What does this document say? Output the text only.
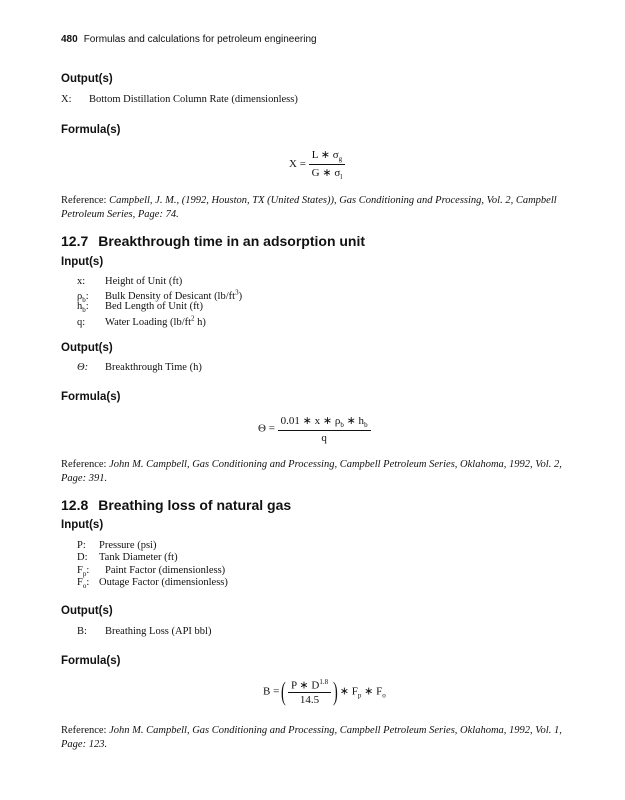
480 Formulas and calculations for petroleum engineering
Output(s)
X: Bottom Distillation Column Rate (dimensionless)
Formula(s)
$X = \frac{L ∗ \sigma_g}{G ∗ \sigma_l}$
Reference: Campbell, J. M., (1992, Houston, TX (United States)), Gas Conditioning and Processing, Vol. 2, Campbell Petroleum Series, Page: 74.
12.7 Breakthrough time in an adsorption unit
Input(s)
x: Height of Unit (ft)
$\rho_b$: Bulk Density of Desicant $(lb/ft^3)$
$h_b$: Bed Length of Unit (ft)
q: Water Loading ($lb/ft^2$ h)
Output(s)
Θ: Breakthrough Time (h)
Formula(s)
$\Theta = \frac{0.01 ∗ x ∗ \rho_b ∗ h_b}{q}$
Reference: John M. Campbell, Gas Conditioning and Processing, Campbell Petroleum Series, Oklahoma, 1992, Vol. 2, Page: 391.
12.8 Breathing loss of natural gas
Input(s)
P: Pressure (psi)
D: Tank Diameter (ft)
$F_p$: Paint Factor (dimensionless)
$F_o$: Outage Factor (dimensionless)
Output(s)
B: Breathing Loss (API bbl)
Formula(s)
B =( $\frac{P ∗ D^{1.8}}{14.5}$ ) ∗ $F_p$ ∗ $F_o$
Reference: John M. Campbell, Gas Conditioning and Processing, Campbell Petroleum Series, Oklahoma, 1992, Vol. 1, Page: 123.
